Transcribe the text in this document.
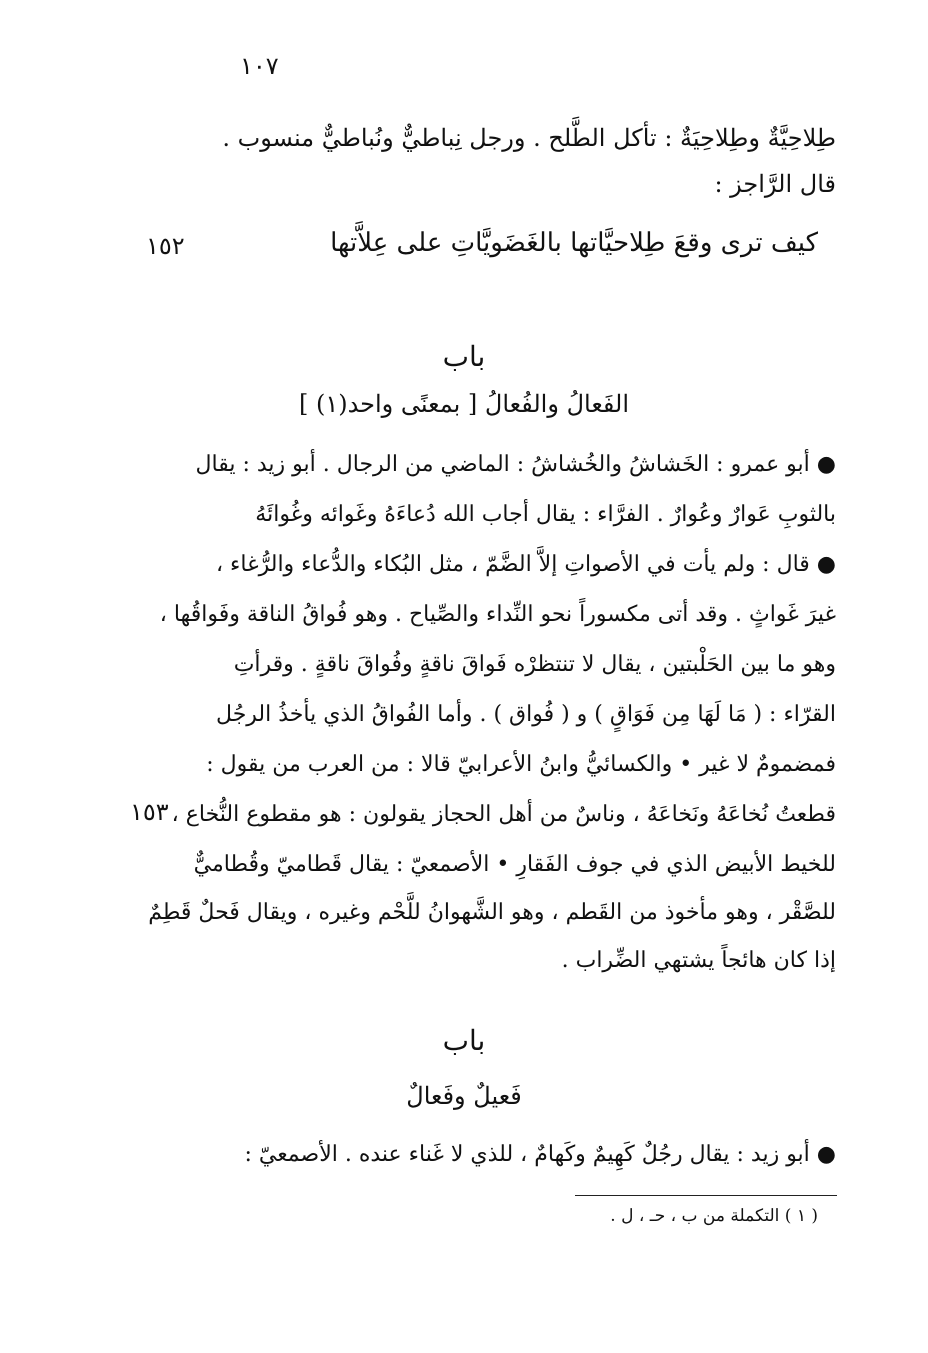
١٠٧
طِلاحِيَّةٌ وطِلاحِيَةٌ : تأكل الطَّلح . ورجل نِباطيٌّ ونُباطيٌّ منسوب .
قال الرَّاجز :
١٥٢	كيف ترى وقعَ طِلاحيَّاتها بالغَضَويَّاتِ على عِلاَّتها
باب
الفَعالُ والفُعالُ [ بمعنًى واحد(١) ]
● أبو عمرو : الخَشاشُ والخُشاشُ : الماضي من الرجال . أبو زيد : يقال
بالثوبِ عَوارٌ وعُوارٌ . الفرَّاء : يقال أجاب الله دُعاءَهُ وغَوائه وغُوائَهُ
● قال : ولم يأت في الأصواتِ إلاَّ الضَّمّ ، مثل البُكاء والدُّعاء والرُّغاء ،
غيرَ غَواثٍ . وقد أتى مكسوراً نحو النِّداء والصِّياح . وهو فُواقُ الناقة وفَواقُها ،
وهو ما بين الحَلْبتين ، يقال لا تنتظرْه فَواقَ ناقةٍ وفُواقَ ناقةٍ . وقرأتِ
القرّاء : ( مَا لَهَا مِن فَوَاقٍ ) و ( فُواق ) . وأما الفُواقُ الذي يأخذُ الرجُل
فمضمومٌ لا غير • والكسائيُّ وابنُ الأعرابيّ قالا : من العرب من يقول :
١٥٣ قطعتُ نُخاعَهُ ونَخاعَهُ ، وناسٌ من أهل الحجاز يقولون : هو مقطوع النُّخاع ،
للخيط الأبيض الذي في جوف الفَقارِ • الأصمعيّ : يقال قَطاميّ وقُطاميٌّ
للصَّقْر ، وهو مأخوذ من القَطم ، وهو الشَّهوانُ للَّحْم وغيره ، ويقال فَحلٌ قَطِمٌ
إذا كان هائجاً يشتهي الضِّراب .
باب
فَعيلٌ وفَعالٌ
● أبو زيد : يقال رجُلٌ كَهِيمٌ وكَهامٌ ، للذي لا غَناء عنده . الأصمعيّ :
( ١ ) التكملة من ب ، حـ ، ل .
